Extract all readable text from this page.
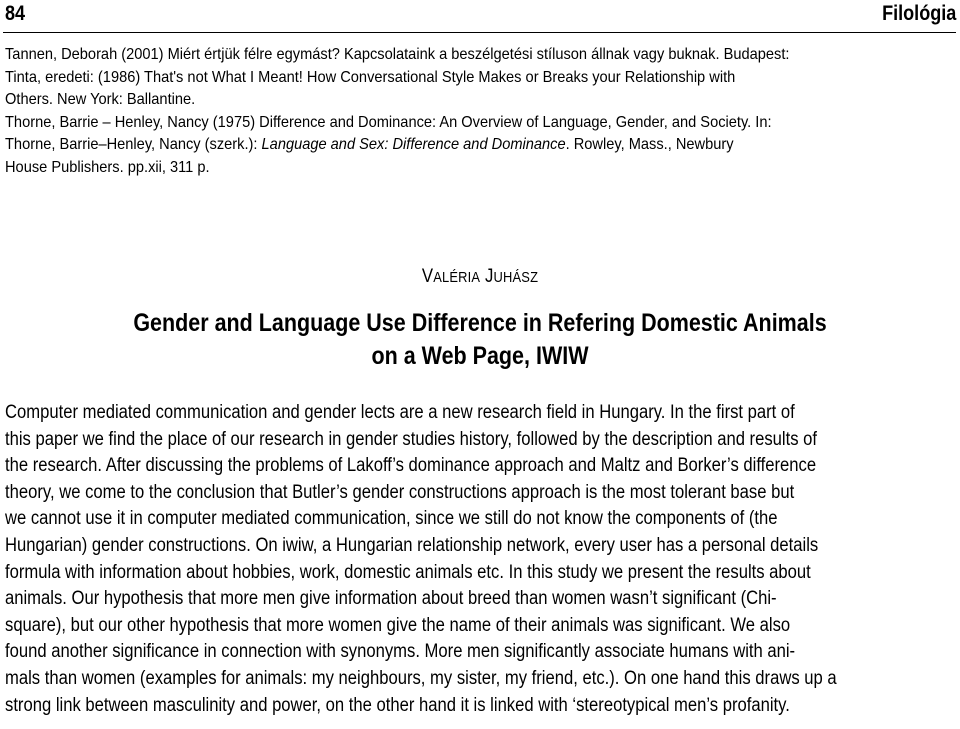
84	Filológia
Tannen, Deborah (2001) Miért értjük félre egymást? Kapcsolataink a beszélgetési stíluson állnak vagy buknak. Budapest:
Tinta, eredeti: (1986) That's not What I Meant! How Conversational Style Makes or Breaks your Relationship with
Others. New York: Ballantine.
Thorne, Barrie – Henley, Nancy (1975) Difference and Dominance: An Overview of Language, Gender, and Society. In:
Thorne, Barrie–Henley, Nancy (szerk.): Language and Sex: Difference and Dominance. Rowley, Mass., Newbury
House Publishers. pp.xii, 311 p.
VALÉRIA JUHÁSZ
Gender and Language Use Difference in Refering Domestic Animals
on a Web Page, IWIW

Computer mediated communication and gender lects are a new research field in Hungary. In the first part of

this paper we find the place of our research in gender studies history, followed by the description and results of

the research. After discussing the problems of Lakoff’s dominance approach and Maltz and Borker’s difference

theory, we come to the conclusion that Butler’s gender constructions approach is the most tolerant base but

we cannot use it in computer mediated communication, since we still do not know the components of (the

Hungarian) gender constructions. On iwiw, a Hungarian relationship network, every user has a personal details

formula with information about hobbies, work, domestic animals etc. In this study we present the results about

animals. Our hypothesis that more men give information about breed than women wasn’t significant (Chi-

square), but our other hypothesis that more women give the name of their animals was significant. We also

found another significance in connection with synonyms. More men significantly associate humans with ani-

mals than women (examples for animals: my neighbours, my sister, my friend, etc.). On one hand this draws up a

strong link between masculinity and power, on the other hand it is linked with ‘stereotypical men’s profanity.
